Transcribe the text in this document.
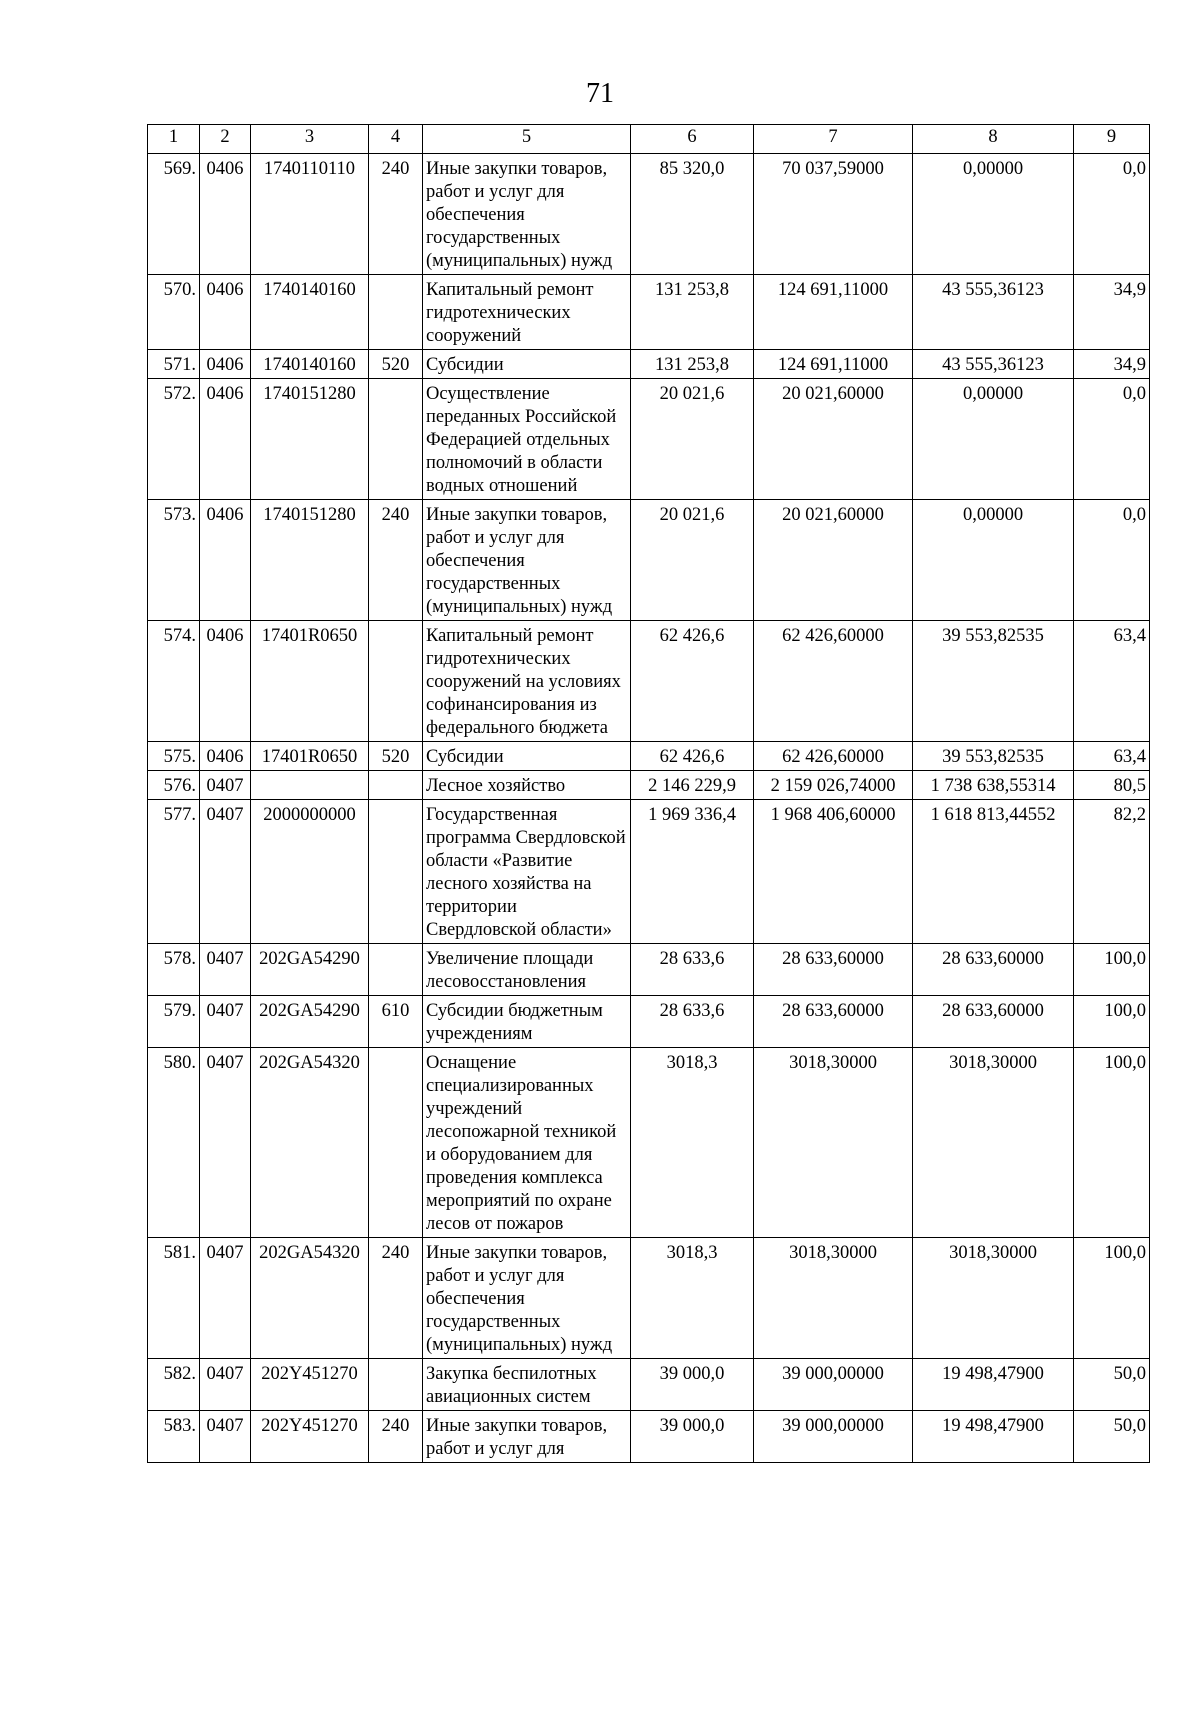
71
1	2	3	4	5	6	7	8	9
569.	0406	1740110110	240	Иные закупки товаров, работ и услуг для обеспечения государственных (муниципальных) нужд	85 320,0	70 037,59000	0,00000	0,0
570.	0406	1740140160		Капитальный ремонт гидротехнических сооружений	131 253,8	124 691,11000	43 555,36123	34,9
571.	0406	1740140160	520	Субсидии	131 253,8	124 691,11000	43 555,36123	34,9
572.	0406	1740151280		Осуществление переданных Российской Федерацией отдельных полномочий в области водных отношений	20 021,6	20 021,60000	0,00000	0,0
573.	0406	1740151280	240	Иные закупки товаров, работ и услуг для обеспечения государственных (муниципальных) нужд	20 021,6	20 021,60000	0,00000	0,0
574.	0406	17401R0650		Капитальный ремонт гидротехнических сооружений на условиях софинансирования из федерального бюджета	62 426,6	62 426,60000	39 553,82535	63,4
575.	0406	17401R0650	520	Субсидии	62 426,6	62 426,60000	39 553,82535	63,4
576.	0407			Лесное хозяйство	2 146 229,9	2 159 026,74000	1 738 638,55314	80,5
577.	0407	2000000000		Государственная программа Свердловской области «Развитие лесного хозяйства на территории Свердловской области»	1 969 336,4	1 968 406,60000	1 618 813,44552	82,2
578.	0407	202GA54290		Увеличение площади лесовосстановления	28 633,6	28 633,60000	28 633,60000	100,0
579.	0407	202GA54290	610	Субсидии бюджетным учреждениям	28 633,6	28 633,60000	28 633,60000	100,0
580.	0407	202GA54320		Оснащение специализированных учреждений лесопожарной техникой и оборудованием для проведения комплекса мероприятий по охране лесов от пожаров	3018,3	3018,30000	3018,30000	100,0
581.	0407	202GA54320	240	Иные закупки товаров, работ и услуг для обеспечения государственных (муниципальных) нужд	3018,3	3018,30000	3018,30000	100,0
582.	0407	202Y451270		Закупка беспилотных авиационных систем	39 000,0	39 000,00000	19 498,47900	50,0
583.	0407	202Y451270	240	Иные закупки товаров, работ и услуг для	39 000,0	39 000,00000	19 498,47900	50,0
